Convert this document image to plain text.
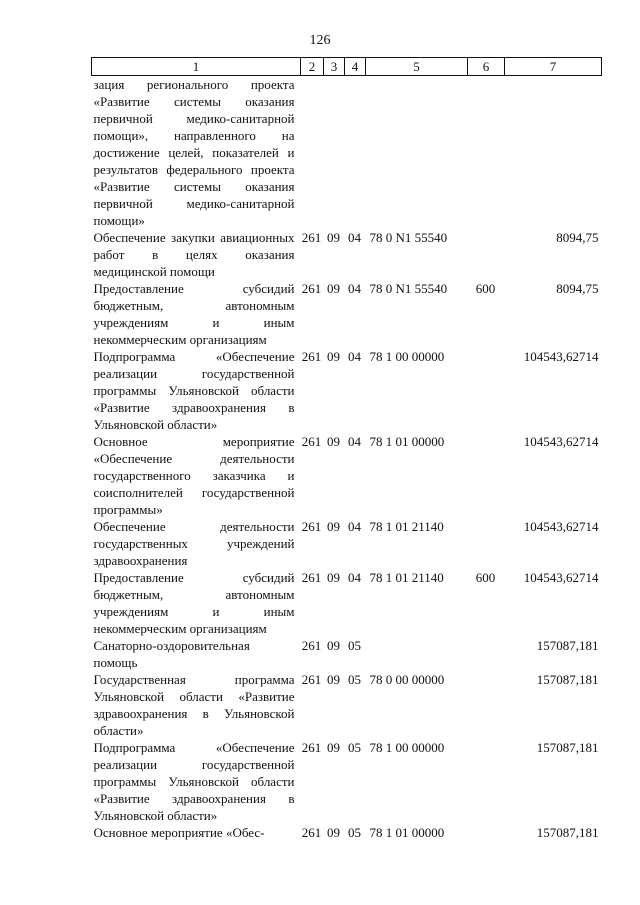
126
1	2	3	4	5	6	7
зация регионального проекта «Развитие системы оказания первичной медико-санитарной помощи», направленного на достижение целей, показателей и результатов федерального проекта «Развитие системы оказания первичной медико-санитарной помощи»						
Обеспечение закупки авиационных работ в целях оказания медицинской помощи	261	09	04	78 0 N1 55540		8094,75
Предоставление субсидий бюджетным, автономным учреждениям и иным некоммерческим организациям	261	09	04	78 0 N1 55540	600	8094,75
Подпрограмма «Обеспечение реализации государственной программы Ульяновской области «Развитие здравоохранения в Ульяновской области»	261	09	04	78 1 00 00000		104543,62714
Основное мероприятие «Обеспечение деятельности государственного заказчика и соисполнителей государственной программы»	261	09	04	78 1 01 00000		104543,62714
Обеспечение деятельности государственных учреждений здравоохранения	261	09	04	78 1 01 21140		104543,62714
Предоставление субсидий бюджетным, автономным учреждениям и иным некоммерческим организациям	261	09	04	78 1 01 21140	600	104543,62714
Санаторно-оздоровительная помощь	261	09	05			157087,181
Государственная программа Ульяновской области «Развитие здравоохранения в Ульяновской области»	261	09	05	78 0 00 00000		157087,181
Подпрограмма «Обеспечение реализации государственной программы Ульяновской области «Развитие здравоохранения в Ульяновской области»	261	09	05	78 1 00 00000		157087,181
Основное мероприятие «Обес-	261	09	05	78 1 01 00000		157087,181
